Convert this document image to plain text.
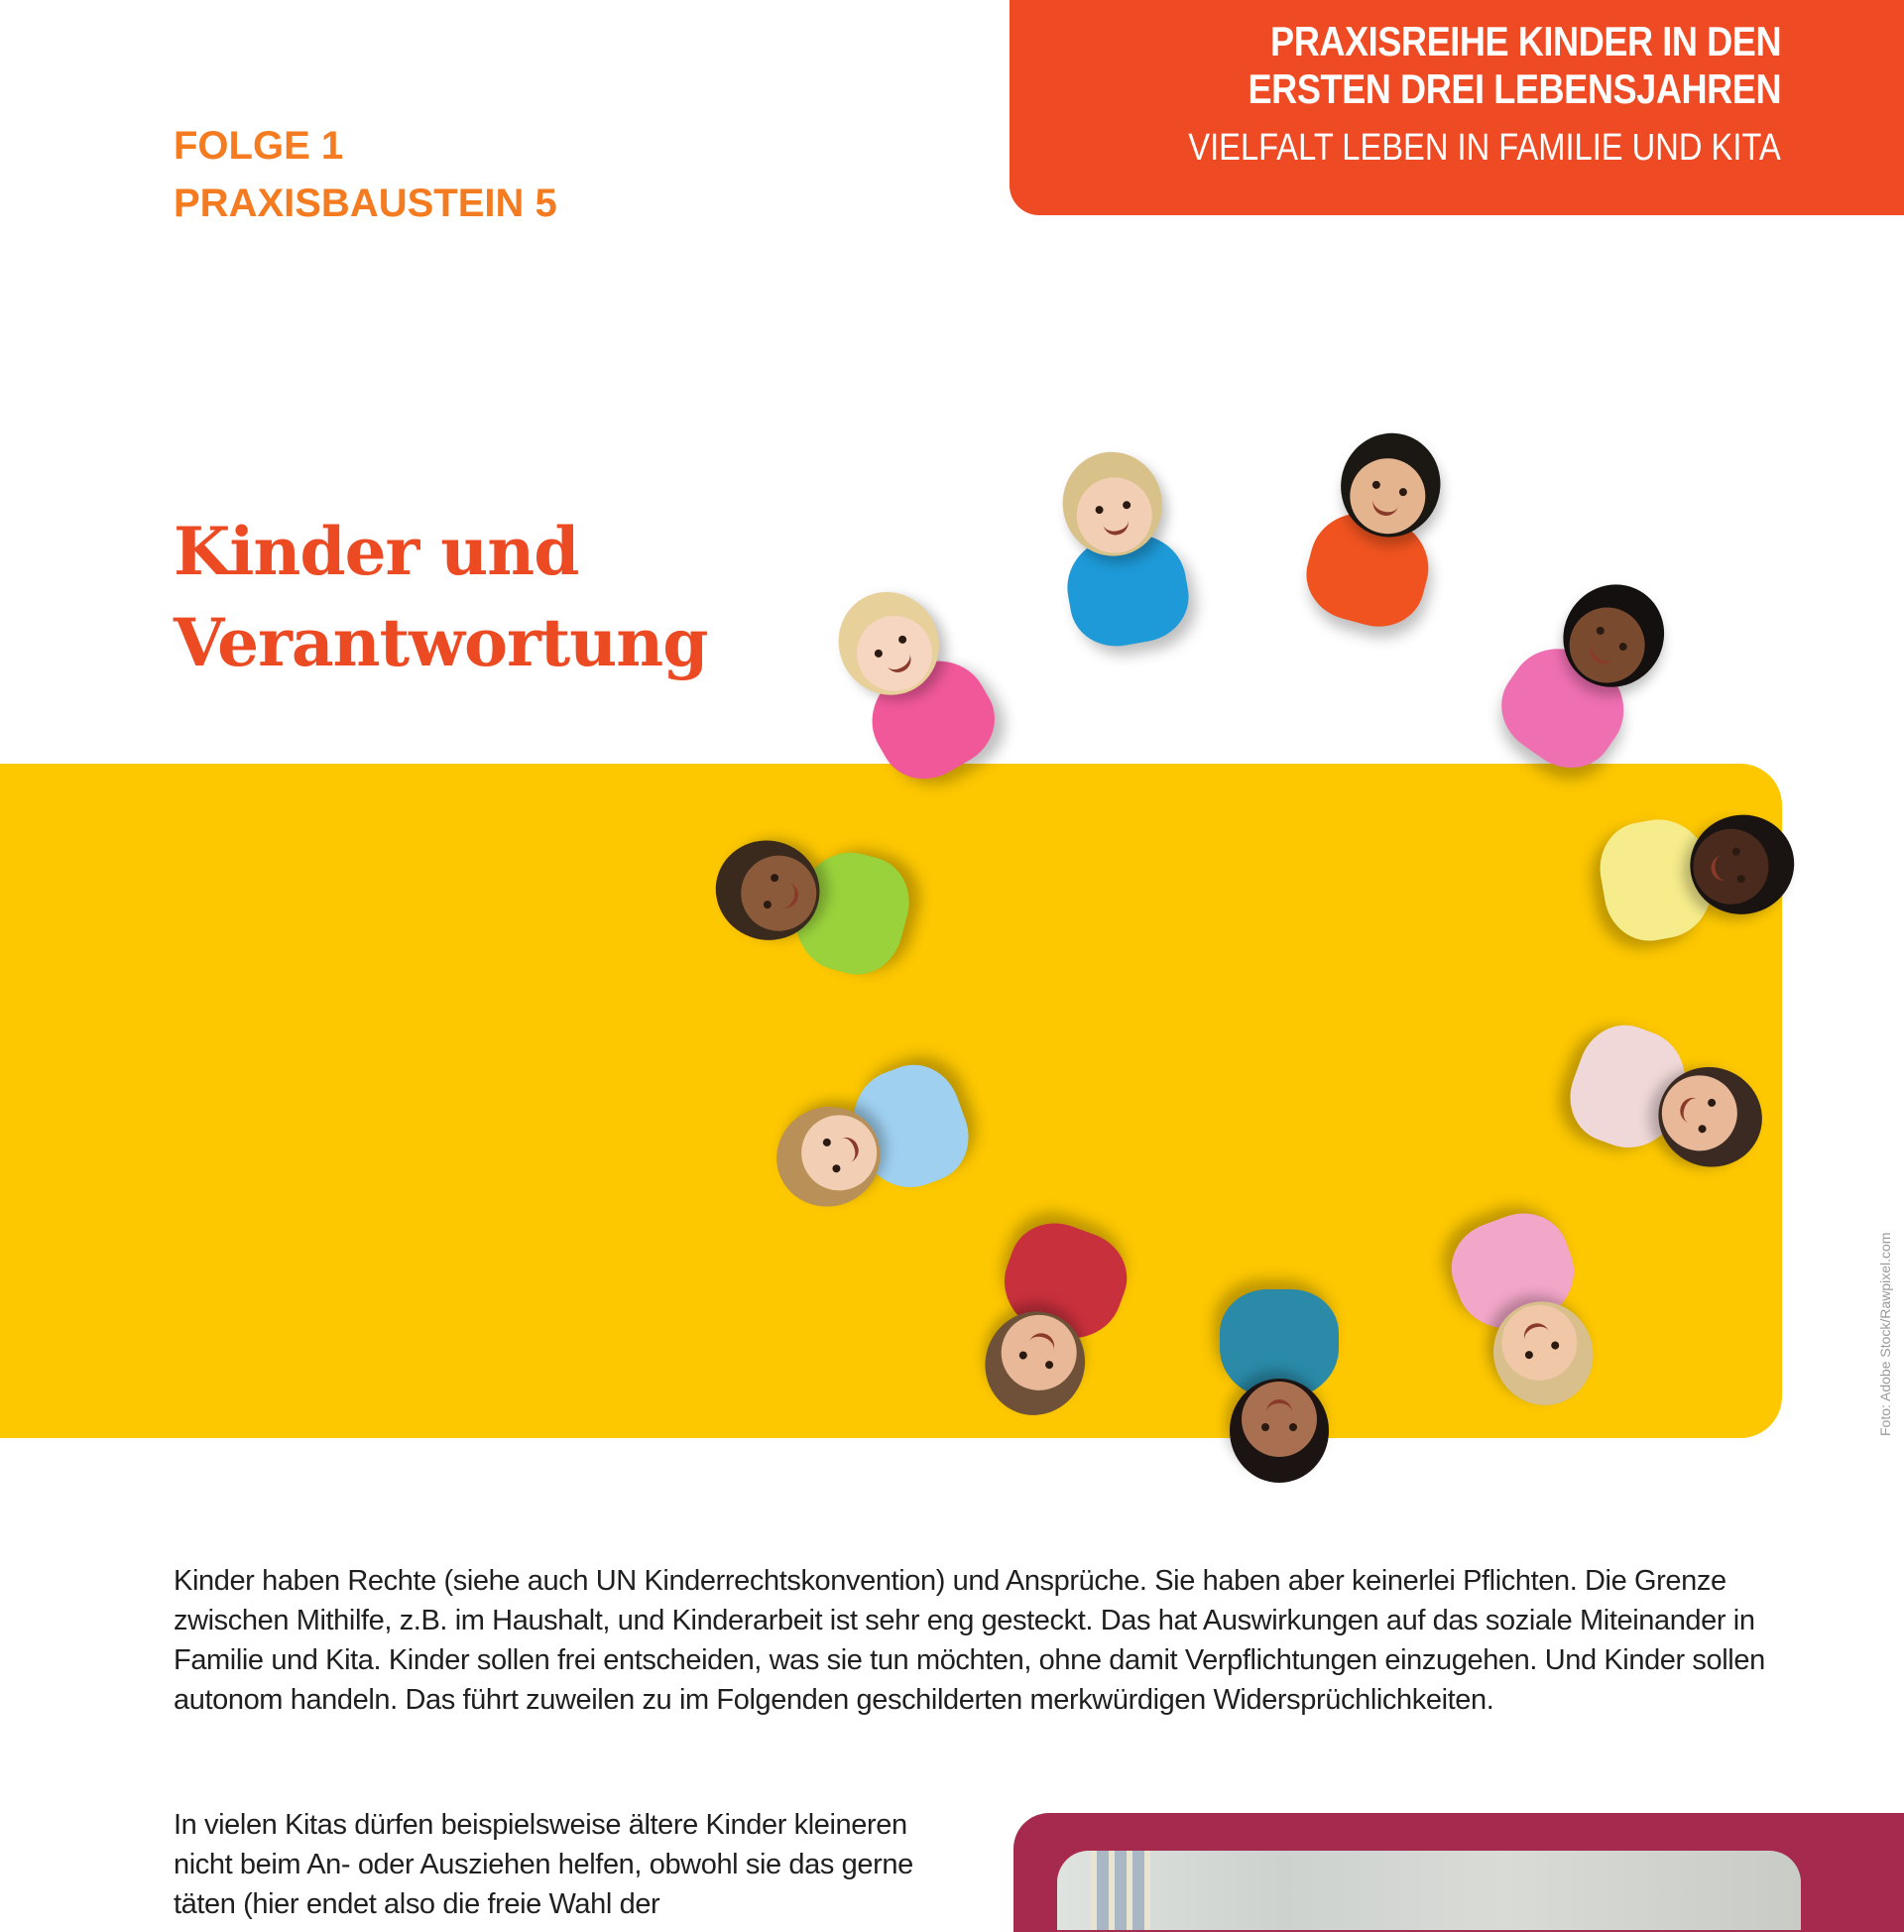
PRAXISREIHE KINDER IN DEN
ERSTEN DREI LEBENSJAHREN
VIELFALT LEBEN IN FAMILIE UND KITA
FOLGE 1
PRAXISBAUSTEIN 5
Kinder und
Verantwortung
Foto: Adobe Stock/Rawpixel.com

Kinder haben Rechte (siehe auch UN Kinderrechtskonvention) und Ansprüche. Sie haben aber keinerlei Pflichten. Die Grenze zwischen Mithilfe, z.B. im Haushalt, und Kinderarbeit ist sehr eng gesteckt. Das hat Auswirkungen auf das soziale Miteinander in Familie und Kita. Kinder sollen frei entscheiden, was sie tun möchten, ohne damit Verpflichtungen einzugehen. Und Kinder sollen autonom handeln. Das führt zuweilen zu im Folgenden geschilderten merkwürdigen Widersprüchlichkeiten.

In vielen Kitas dürfen beispielsweise ältere Kinder kleineren nicht beim An- oder Ausziehen helfen, obwohl sie das gerne täten (hier endet also die freie Wahl der
